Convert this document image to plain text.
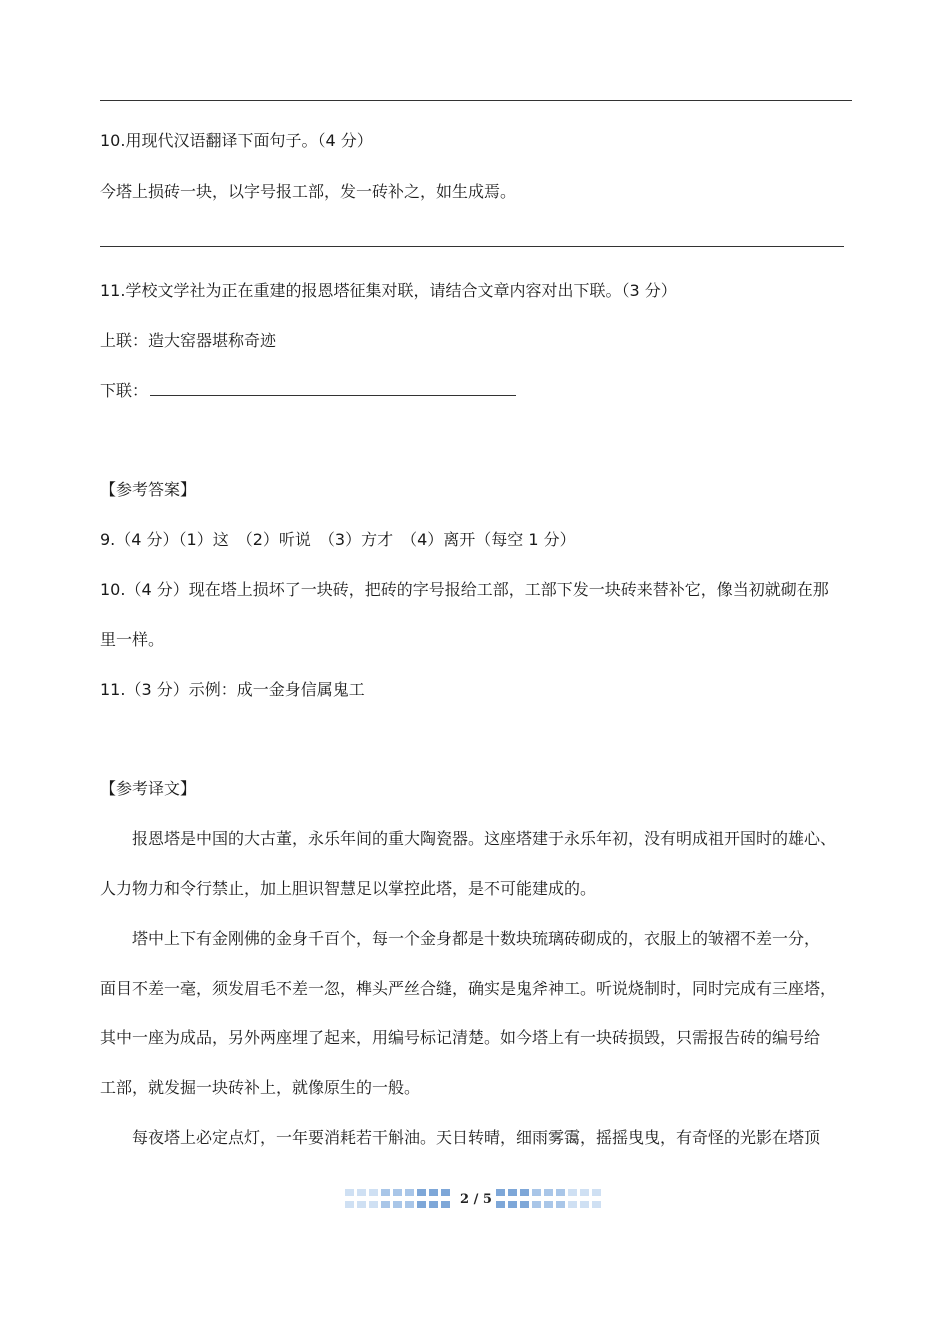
10.用现代汉语翻译下面句子。（4 分）
今塔上损砖一块，以字号报工部，发一砖补之，如生成焉。
11.学校文学社为正在重建的报恩塔征集对联，请结合文章内容对出下联。（3 分）
上联：造大窑器堪称奇迹
下联：
【参考答案】
9.（4 分）（1）这　（2）听说　（3）方才　（4）离开（每空 1 分）
10.（4 分）现在塔上损坏了一块砖，把砖的字号报给工部，工部下发一块砖来替补它，像当初就砌在那
里一样。
11.（3 分）示例：成一金身信属鬼工
【参考译文】
报恩塔是中国的大古董，永乐年间的重大陶瓷器。这座塔建于永乐年初，没有明成祖开国时的雄心、
人力物力和令行禁止，加上胆识智慧足以掌控此塔，是不可能建成的。
塔中上下有金刚佛的金身千百个，每一个金身都是十数块琉璃砖砌成的，衣服上的皱褶不差一分，
面目不差一毫，须发眉毛不差一忽，榫头严丝合缝，确实是鬼斧神工。听说烧制时，同时完成有三座塔，
其中一座为成品，另外两座埋了起来，用编号标记清楚。如今塔上有一块砖损毁，只需报告砖的编号给
工部，就发掘一块砖补上，就像原生的一般。
每夜塔上必定点灯，一年要消耗若干斛油。天日转晴，细雨雾霭，摇摇曳曳，有奇怪的光影在塔顶
2 / 5
